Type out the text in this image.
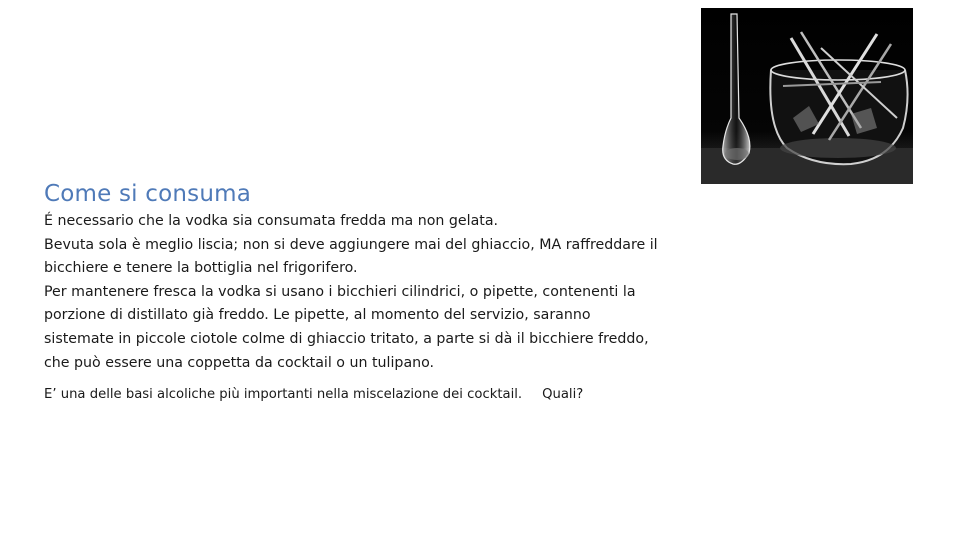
Come si consuma

É necessario che la vodka sia consumata fredda ma non gelata.

Bevuta sola è meglio liscia; non si deve aggiungere mai del ghiaccio, MA raffreddare il

bicchiere e tenere la bottiglia nel frigorifero.

Per mantenere fresca la vodka si usano i bicchieri cilindrici, o pipette, contenenti la

porzione di distillato già freddo. Le pipette, al momento del servizio, saranno

sistemate in piccole ciotole colme di ghiaccio tritato, a parte si dà il bicchiere freddo,

che può essere una coppetta da cocktail o un tulipano.

E’ una delle basi alcoliche più importanti nella miscelazione dei cocktail. Quali?
